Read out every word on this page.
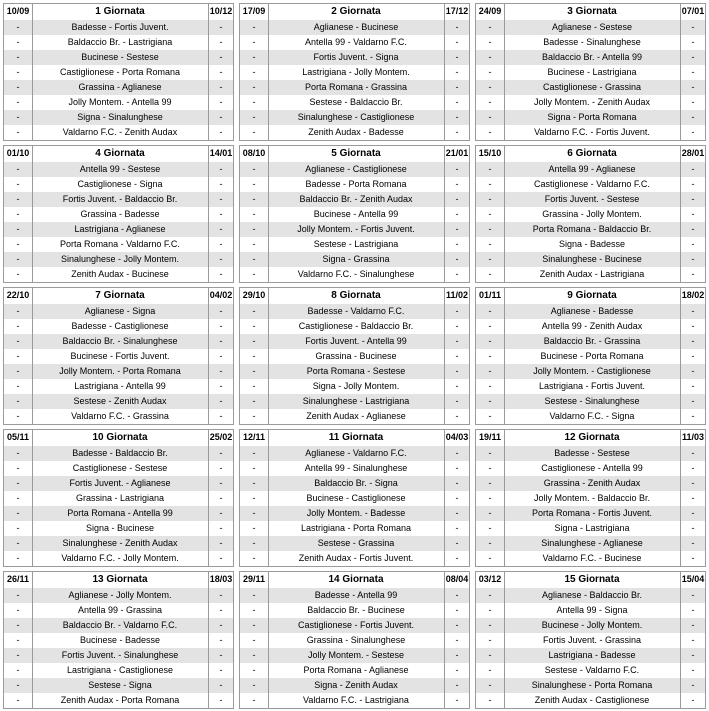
10/09	1 Giornata	10/12
-	Badesse - Fortis Juvent.	-
-	Baldaccio Br. - Lastrigiana	-
-	Bucinese - Sestese	-
-	Castiglionese - Porta Romana	-
-	Grassina - Aglianese	-
-	Jolly Montem. - Antella 99	-
-	Signa - Sinalunghese	-
-	Valdarno F.C. - Zenith Audax	-
17/09	2 Giornata	17/12
-	Aglianese - Bucinese	-
-	Antella 99 - Valdarno F.C.	-
-	Fortis Juvent. - Signa	-
-	Lastrigiana - Jolly Montem.	-
-	Porta Romana - Grassina	-
-	Sestese - Baldaccio Br.	-
-	Sinalunghese - Castiglionese	-
-	Zenith Audax - Badesse	-
24/09	3 Giornata	07/01
-	Aglianese - Sestese	-
-	Badesse - Sinalunghese	-
-	Baldaccio Br. - Antella 99	-
-	Bucinese - Lastrigiana	-
-	Castiglionese - Grassina	-
-	Jolly Montem. - Zenith Audax	-
-	Signa - Porta Romana	-
-	Valdarno F.C. - Fortis Juvent.	-
01/10	4 Giornata	14/01
-	Antella 99 - Sestese	-
-	Castiglionese - Signa	-
-	Fortis Juvent. - Baldaccio Br.	-
-	Grassina - Badesse	-
-	Lastrigiana - Aglianese	-
-	Porta Romana - Valdarno F.C.	-
-	Sinalunghese - Jolly Montem.	-
-	Zenith Audax - Bucinese	-
08/10	5 Giornata	21/01
-	Aglianese - Castiglionese	-
-	Badesse - Porta Romana	-
-	Baldaccio Br. - Zenith Audax	-
-	Bucinese - Antella 99	-
-	Jolly Montem. - Fortis Juvent.	-
-	Sestese - Lastrigiana	-
-	Signa - Grassina	-
-	Valdarno F.C. - Sinalunghese	-
15/10	6 Giornata	28/01
-	Antella 99 - Aglianese	-
-	Castiglionese - Valdarno F.C.	-
-	Fortis Juvent. - Sestese	-
-	Grassina - Jolly Montem.	-
-	Porta Romana - Baldaccio Br.	-
-	Signa - Badesse	-
-	Sinalunghese - Bucinese	-
-	Zenith Audax - Lastrigiana	-
22/10	7 Giornata	04/02
-	Aglianese - Signa	-
-	Badesse - Castiglionese	-
-	Baldaccio Br. - Sinalunghese	-
-	Bucinese - Fortis Juvent.	-
-	Jolly Montem. - Porta Romana	-
-	Lastrigiana - Antella 99	-
-	Sestese - Zenith Audax	-
-	Valdarno F.C. - Grassina	-
29/10	8 Giornata	11/02
-	Badesse - Valdarno F.C.	-
-	Castiglionese - Baldaccio Br.	-
-	Fortis Juvent. - Antella 99	-
-	Grassina - Bucinese	-
-	Porta Romana - Sestese	-
-	Signa - Jolly Montem.	-
-	Sinalunghese - Lastrigiana	-
-	Zenith Audax - Aglianese	-
01/11	9 Giornata	18/02
-	Aglianese - Badesse	-
-	Antella 99 - Zenith Audax	-
-	Baldaccio Br. - Grassina	-
-	Bucinese - Porta Romana	-
-	Jolly Montem. - Castiglionese	-
-	Lastrigiana - Fortis Juvent.	-
-	Sestese - Sinalunghese	-
-	Valdarno F.C. - Signa	-
05/11	10 Giornata	25/02
-	Badesse - Baldaccio Br.	-
-	Castiglionese - Sestese	-
-	Fortis Juvent. - Aglianese	-
-	Grassina - Lastrigiana	-
-	Porta Romana - Antella 99	-
-	Signa - Bucinese	-
-	Sinalunghese - Zenith Audax	-
-	Valdarno F.C. - Jolly Montem.	-
12/11	11 Giornata	04/03
-	Aglianese - Valdarno F.C.	-
-	Antella 99 - Sinalunghese	-
-	Baldaccio Br. - Signa	-
-	Bucinese - Castiglionese	-
-	Jolly Montem. - Badesse	-
-	Lastrigiana - Porta Romana	-
-	Sestese - Grassina	-
-	Zenith Audax - Fortis Juvent.	-
19/11	12 Giornata	11/03
-	Badesse - Sestese	-
-	Castiglionese - Antella 99	-
-	Grassina - Zenith Audax	-
-	Jolly Montem. - Baldaccio Br.	-
-	Porta Romana - Fortis Juvent.	-
-	Signa - Lastrigiana	-
-	Sinalunghese - Aglianese	-
-	Valdarno F.C. - Bucinese	-
26/11	13 Giornata	18/03
-	Aglianese - Jolly Montem.	-
-	Antella 99 - Grassina	-
-	Baldaccio Br. - Valdarno F.C.	-
-	Bucinese - Badesse	-
-	Fortis Juvent. - Sinalunghese	-
-	Lastrigiana - Castiglionese	-
-	Sestese - Signa	-
-	Zenith Audax - Porta Romana	-
29/11	14 Giornata	08/04
-	Badesse - Antella 99	-
-	Baldaccio Br. - Bucinese	-
-	Castiglionese - Fortis Juvent.	-
-	Grassina - Sinalunghese	-
-	Jolly Montem. - Sestese	-
-	Porta Romana - Aglianese	-
-	Signa - Zenith Audax	-
-	Valdarno F.C. - Lastrigiana	-
03/12	15 Giornata	15/04
-	Aglianese - Baldaccio Br.	-
-	Antella 99 - Signa	-
-	Bucinese - Jolly Montem.	-
-	Fortis Juvent. - Grassina	-
-	Lastrigiana - Badesse	-
-	Sestese - Valdarno F.C.	-
-	Sinalunghese - Porta Romana	-
-	Zenith Audax - Castiglionese	-
